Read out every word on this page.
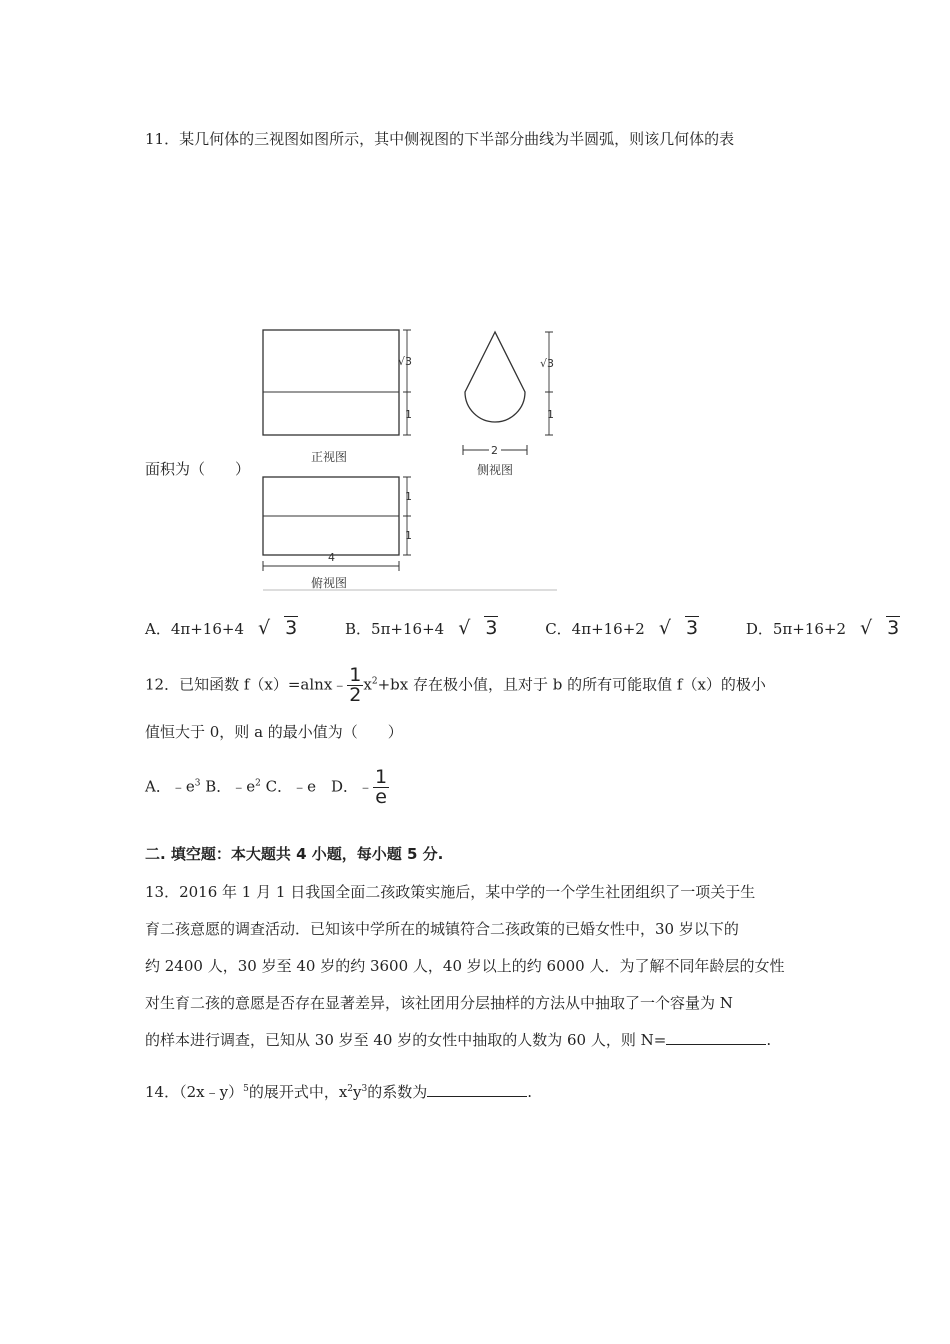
11．某几何体的三视图如图所示，其中侧视图的下半部分曲线为半圆弧，则该几何体的表
√3
1
正视图
√3
1
2
侧视图
1
1
4
俯视图
面积为（　　）
A．4π+16+4 √ 3	B．5π+16+4 √ 3	C．4π+16+2 √ 3	D．5π+16+2 √ 3
12．已知函数 f（x）=alnx﹣ $\frac{1}{2} x^2+bx$ 存在极小值，且对于 b 的所有可能取值 f（x）的极小
值恒大于 0，则 a 的最小值为（　　）
A．$﹣e^3$ B．$﹣e^2$ C．﹣e　D．﹣ $\frac{1}{e}$
二. 填空题：本大题共 4 小题，每小题 5 分.
13．2016 年 1 月 1 日我国全面二孩政策实施后，某中学的一个学生社团组织了一项关于生
育二孩意愿的调查活动．已知该中学所在的城镇符合二孩政策的已婚女性中，30 岁以下的
约 2400 人，30 岁至 40 岁的约 3600 人，40 岁以上的约 6000 人．为了解不同年龄层的女性
对生育二孩的意愿是否存在显著差异，该社团用分层抽样的方法从中抽取了一个容量为 N
的样本进行调查，已知从 30 岁至 40 岁的女性中抽取的人数为 60 人，则 N=	.
14．（2x﹣y）$^5$的展开式中，$x^2y^3$的系数为	.
